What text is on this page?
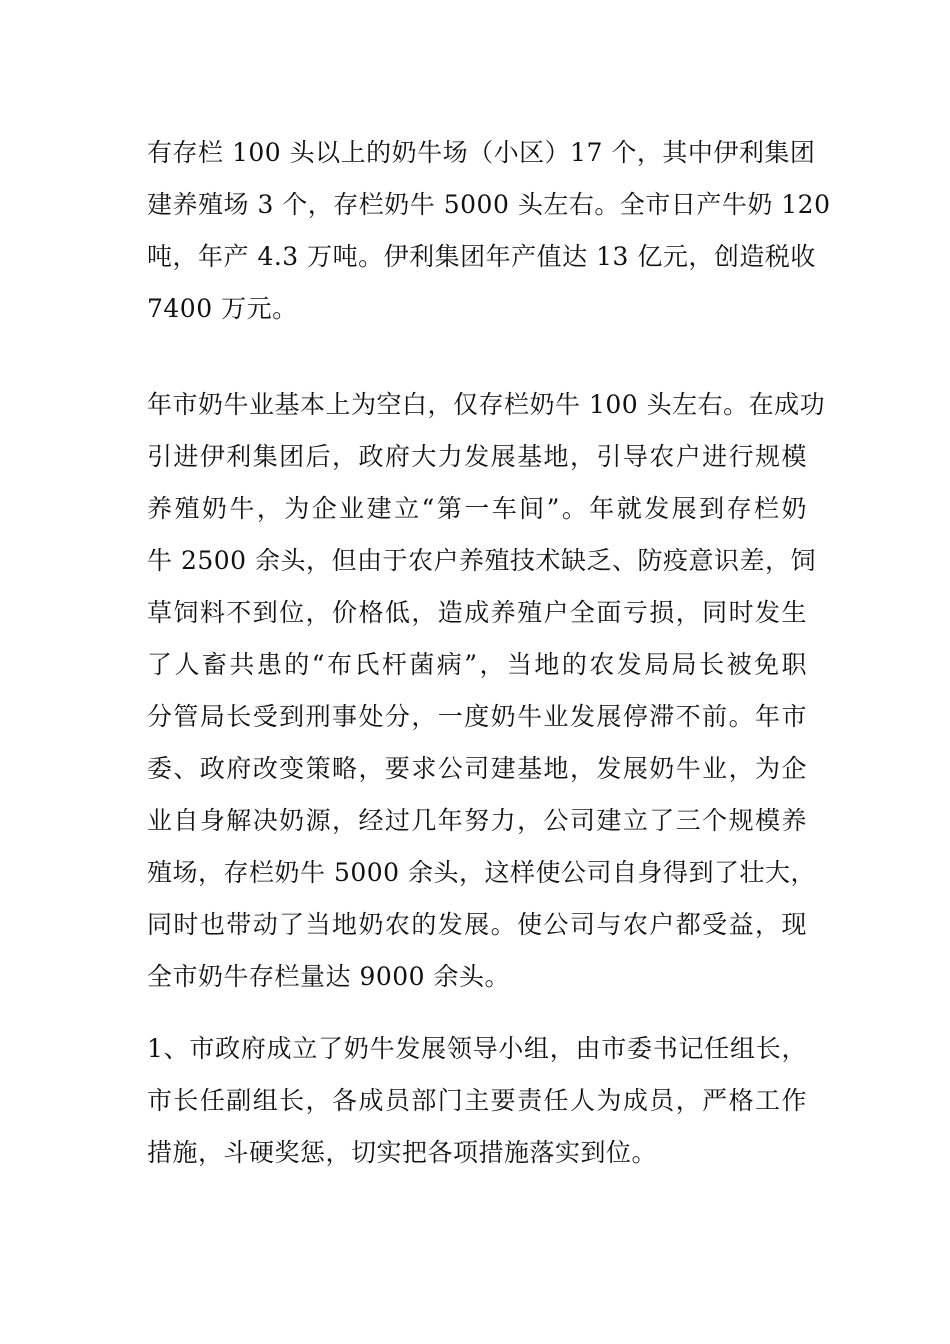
有存栏 100 头以上的奶牛场（小区）17 个，其中伊利集团
建养殖场 3 个，存栏奶牛 5000 头左右。全市日产牛奶 120
吨，年产 4.3 万吨。伊利集团年产值达 13 亿元，创造税收
7400 万元。
年市奶牛业基本上为空白，仅存栏奶牛 100 头左右。在成功
引进伊利集团后，政府大力发展基地，引导农户进行规模
养殖奶牛，为企业建立“第一车间”。年就发展到存栏奶
牛 2500 余头，但由于农户养殖技术缺乏、防疫意识差，饲
草饲料不到位，价格低，造成养殖户全面亏损，同时发生
了人畜共患的“布氏杆菌病”，当地的农发局局长被免职
分管局长受到刑事处分，一度奶牛业发展停滞不前。年市
委、政府改变策略，要求公司建基地，发展奶牛业，为企
业自身解决奶源，经过几年努力，公司建立了三个规模养
殖场，存栏奶牛 5000 余头，这样使公司自身得到了壮大，
同时也带动了当地奶农的发展。使公司与农户都受益，现
全市奶牛存栏量达 9000 余头。
1、市政府成立了奶牛发展领导小组，由市委书记任组长，
市长任副组长，各成员部门主要责任人为成员，严格工作
措施，斗硬奖惩，切实把各项措施落实到位。
